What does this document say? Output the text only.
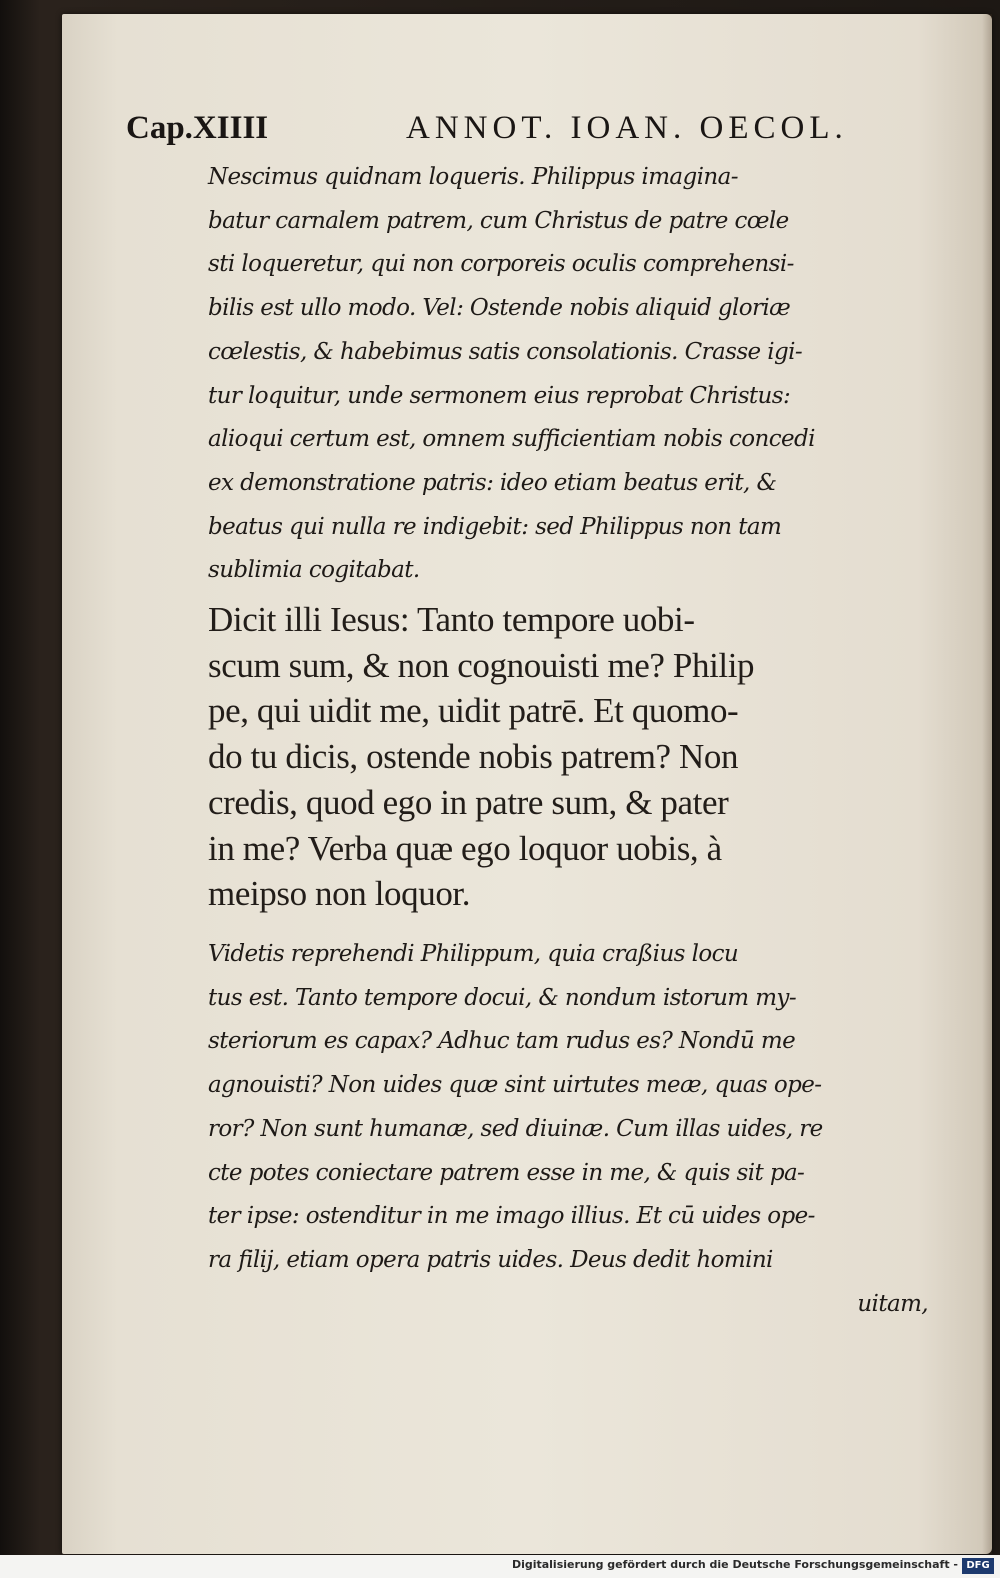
Cap.XIIII	ANNOT. IOAN. OECOL.
Nescimus quidnam loqueris. Philippus imagina-
batur carnalem patrem, cum Christus de patre cœle
sti loqueretur, qui non corporeis oculis comprehensi-
bilis est ullo modo. Vel: Ostende nobis aliquid gloriæ
cœlestis, & habebimus satis consolationis. Crasse igi-
tur loquitur, unde sermonem eius reprobat Christus:
alioqui certum est, omnem sufficientiam nobis concedi
ex demonstratione patris: ideo etiam beatus erit, &
beatus qui nulla re indigebit: sed Philippus non tam
sublimia cogitabat.
Dicit illi Iesus: Tanto tempore uobi-
scum sum, & non cognouisti me? Philip
pe, qui uidit me, uidit patrē. Et quomo-
do tu dicis, ostende nobis patrem? Non
credis, quod ego in patre sum, & pater
in me? Verba quæ ego loquor uobis, à
meipso non loquor.
Videtis reprehendi Philippum, quia craßius locu
tus est. Tanto tempore docui, & nondum istorum my-
steriorum es capax? Adhuc tam rudus es? Nondū me
agnouisti? Non uides quæ sint uirtutes meæ, quas ope-
ror? Non sunt humanæ, sed diuinæ. Cum illas uides, re
cte potes coniectare patrem esse in me, & quis sit pa-
ter ipse: ostenditur in me imago illius. Et cū uides ope-
ra filij, etiam opera patris uides. Deus dedit homini
uitam,
Digitalisierung gefördert durch die Deutsche Forschungsgemeinschaft - DFG
